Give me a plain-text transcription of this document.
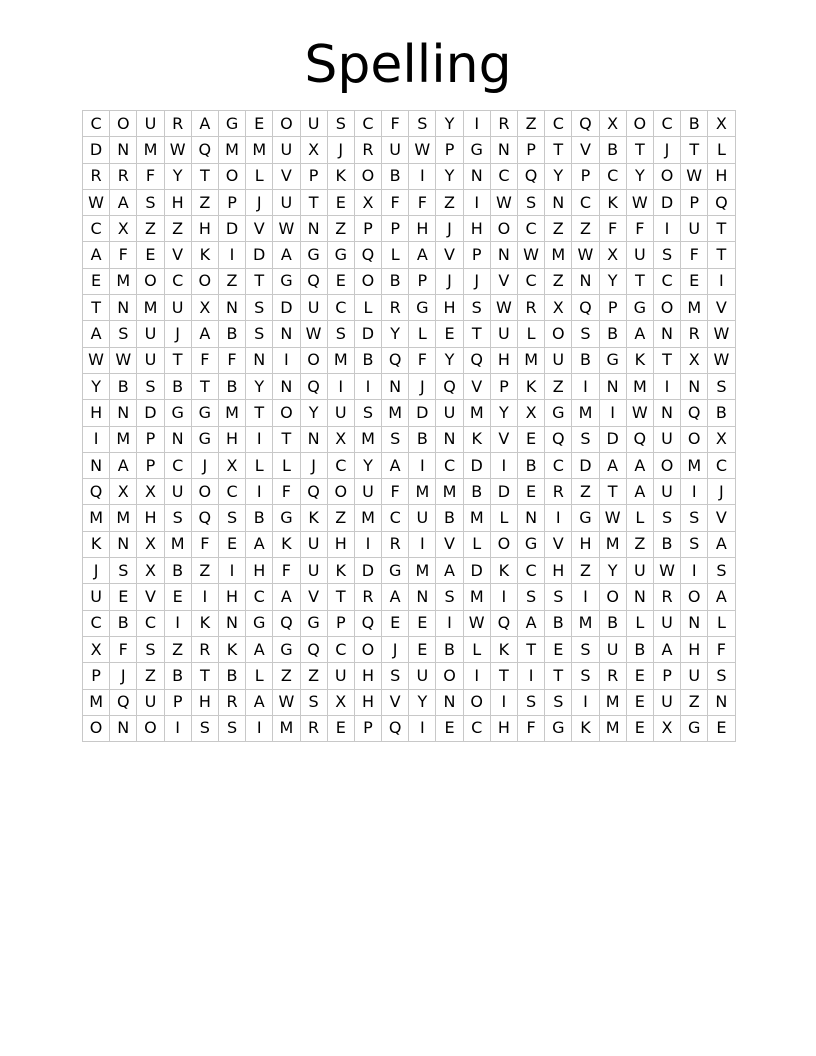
Spelling
C	O	U	R	A	G	E	O	U	S	C	F	S	Y	I	R	Z	C	Q	X	O	C	B	X
D	N	M	W	Q	M	M	U	X	J	R	U	W	P	G	N	P	T	V	B	T	J	T	L
R	R	F	Y	T	O	L	V	P	K	O	B	I	Y	N	C	Q	Y	P	C	Y	O	W	H
W	A	S	H	Z	P	J	U	T	E	X	F	F	Z	I	W	S	N	C	K	W	D	P	Q
C	X	Z	Z	H	D	V	W	N	Z	P	P	H	J	H	O	C	Z	Z	F	F	I	U	T
A	F	E	V	K	I	D	A	G	G	Q	L	A	V	P	N	W	M	W	X	U	S	F	T
E	M	O	C	O	Z	T	G	Q	E	O	B	P	J	J	V	C	Z	N	Y	T	C	E	I
T	N	M	U	X	N	S	D	U	C	L	R	G	H	S	W	R	X	Q	P	G	O	M	V
A	S	U	J	A	B	S	N	W	S	D	Y	L	E	T	U	L	O	S	B	A	N	R	W
W	W	U	T	F	F	N	I	O	M	B	Q	F	Y	Q	H	M	U	B	G	K	T	X	W
Y	B	S	B	T	B	Y	N	Q	I	I	N	J	Q	V	P	K	Z	I	N	M	I	N	S
H	N	D	G	G	M	T	O	Y	U	S	M	D	U	M	Y	X	G	M	I	W	N	Q	B
I	M	P	N	G	H	I	T	N	X	M	S	B	N	K	V	E	Q	S	D	Q	U	O	X
N	A	P	C	J	X	L	L	J	C	Y	A	I	C	D	I	B	C	D	A	A	O	M	C
Q	X	X	U	O	C	I	F	Q	O	U	F	M	M	B	D	E	R	Z	T	A	U	I	J
M	M	H	S	Q	S	B	G	K	Z	M	C	U	B	M	L	N	I	G	W	L	S	S	V
K	N	X	M	F	E	A	K	U	H	I	R	I	V	L	O	G	V	H	M	Z	B	S	A
J	S	X	B	Z	I	H	F	U	K	D	G	M	A	D	K	C	H	Z	Y	U	W	I	S
U	E	V	E	I	H	C	A	V	T	R	A	N	S	M	I	S	S	I	O	N	R	O	A
C	B	C	I	K	N	G	Q	G	P	Q	E	E	I	W	Q	A	B	M	B	L	U	N	L
X	F	S	Z	R	K	A	G	Q	C	O	J	E	B	L	K	T	E	S	U	B	A	H	F
P	J	Z	B	T	B	L	Z	Z	U	H	S	U	O	I	T	I	T	S	R	E	P	U	S
M	Q	U	P	H	R	A	W	S	X	H	V	Y	N	O	I	S	S	I	M	E	U	Z	N
O	N	O	I	S	S	I	M	R	E	P	Q	I	E	C	H	F	G	K	M	E	X	G	E
